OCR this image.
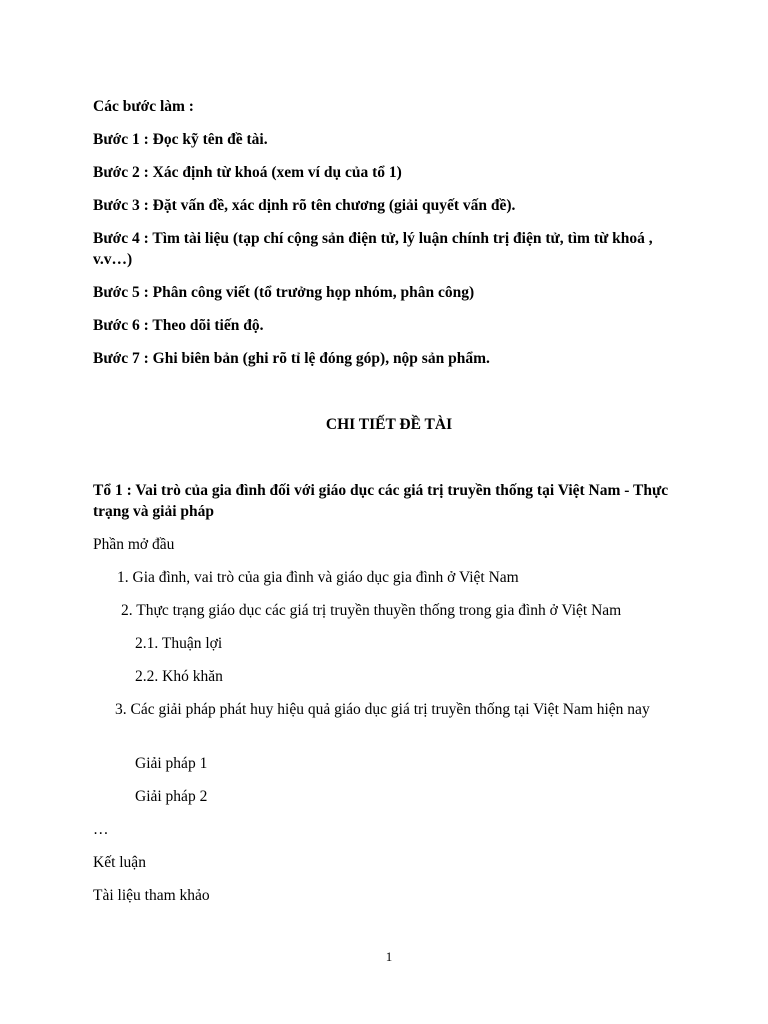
Các bước làm :
Bước 1 : Đọc kỹ tên đề tài.
Bước 2 : Xác định từ khoá (xem ví dụ của tổ 1)
Bước 3 : Đặt vấn đề, xác dịnh rõ tên chương (giải quyết vấn đề).
Bước 4 : Tìm tài liệu (tạp chí cộng sản điện tử, lý luận chính trị điện tử, tìm từ khoá , v.v…)
Bước 5 : Phân công viết (tổ trưởng họp nhóm, phân công)
Bước 6 : Theo dõi tiến độ.
Bước 7 : Ghi biên bản (ghi rõ tỉ lệ đóng góp), nộp sản phẩm.
CHI TIẾT ĐỀ TÀI
Tổ 1 : Vai trò của gia đình đối với giáo dục các giá trị truyền thống tại Việt Nam - Thực trạng và giải pháp
Phần mở đầu
1. Gia đình, vai trò của gia đình và giáo dục gia đình ở Việt Nam
2. Thực trạng giáo dục các giá trị truyền thuyền thống trong gia đình ở Việt Nam
2.1. Thuận lợi
2.2. Khó khăn
3. Các giải pháp phát huy hiệu quả giáo dục giá trị truyền thống tại Việt Nam hiện nay
Giải pháp 1
Giải pháp 2
…
Kết luận
Tài liệu tham khảo
1
